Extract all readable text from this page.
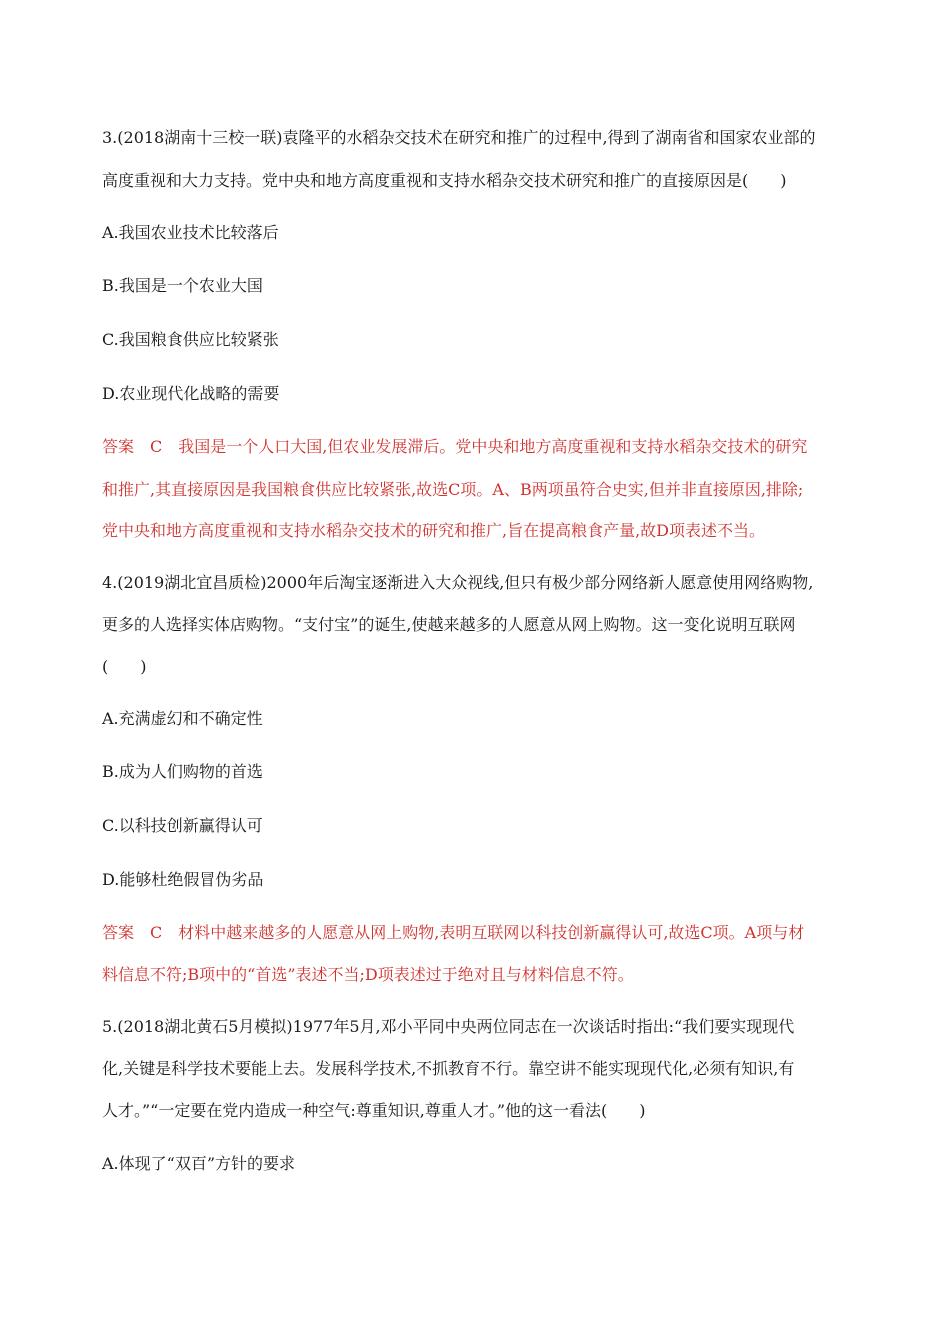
3.(2018湖南十三校一联)袁隆平的水稻杂交技术在研究和推广的过程中,得到了湖南省和国家农业部的
高度重视和大力支持。党中央和地方高度重视和支持水稻杂交技术研究和推广的直接原因是(　　)
A.我国农业技术比较落后
B.我国是一个农业大国
C.我国粮食供应比较紧张
D.农业现代化战略的需要
答案　C　我国是一个人口大国,但农业发展滞后。党中央和地方高度重视和支持水稻杂交技术的研究
和推广,其直接原因是我国粮食供应比较紧张,故选C项。A、B两项虽符合史实,但并非直接原因,排除;
党中央和地方高度重视和支持水稻杂交技术的研究和推广,旨在提高粮食产量,故D项表述不当。
4.(2019湖北宜昌质检)2000年后淘宝逐渐进入大众视线,但只有极少部分网络新人愿意使用网络购物,
更多的人选择实体店购物。“支付宝”的诞生,使越来越多的人愿意从网上购物。这一变化说明互联网
(　　)
A.充满虚幻和不确定性
B.成为人们购物的首选
C.以科技创新赢得认可
D.能够杜绝假冒伪劣品
答案　C　材料中越来越多的人愿意从网上购物,表明互联网以科技创新赢得认可,故选C项。A项与材
料信息不符;B项中的“首选”表述不当;D项表述过于绝对且与材料信息不符。
5.(2018湖北黄石5月模拟)1977年5月,邓小平同中央两位同志在一次谈话时指出:“我们要实现现代
化,关键是科学技术要能上去。发展科学技术,不抓教育不行。靠空讲不能实现现代化,必须有知识,有
人才。”“一定要在党内造成一种空气:尊重知识,尊重人才。”他的这一看法(　　)
A.体现了“双百”方针的要求
